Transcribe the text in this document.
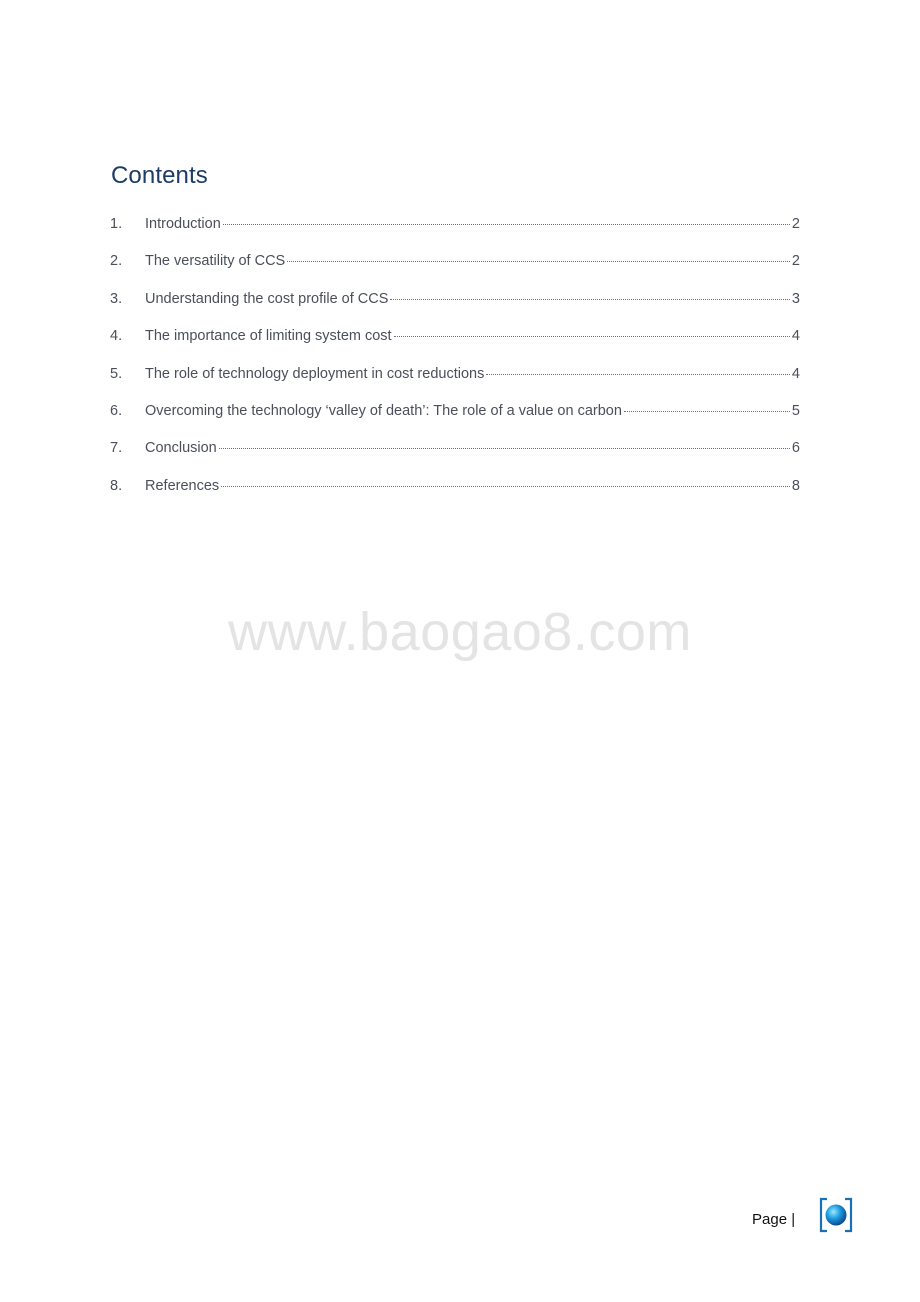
Contents
1.	Introduction	2
2.	The versatility of CCS	2
3.	Understanding the cost profile of CCS	3
4.	The importance of limiting system cost	4
5.	The role of technology deployment in cost reductions	4
6.	Overcoming the technology ‘valley of death’: The role of a value on carbon	5
7.	Conclusion	6
8.	References	8
www.baogao8.com
Page |
